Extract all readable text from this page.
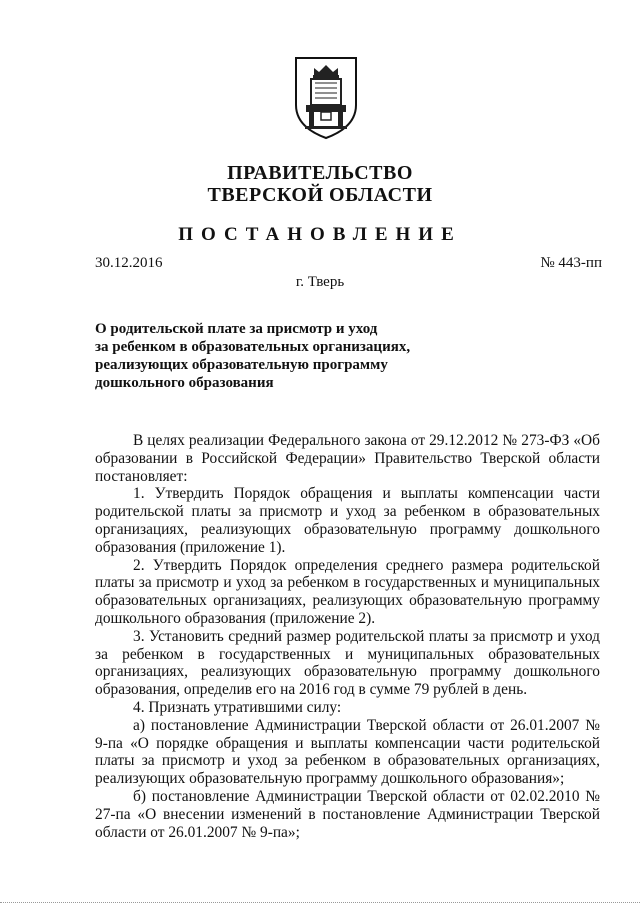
ПРАВИТЕЛЬСТВО

ТВЕРСКОЙ ОБЛАСТИ

ПОСТАНОВЛЕНИЕ

30.12.2016	№ 443-пп
г. Тверь
О родительской плате за присмотр и уход
за ребенком в образовательных организациях,
реализующих образовательную программу
дошкольного образования

В целях реализации Федерального закона от 29.12.2012 № 273-ФЗ «Об образовании в Российской Федерации» Правительство Тверской области постановляет:

1. Утвердить Порядок обращения и выплаты компенсации части родительской платы за присмотр и уход за ребенком в образовательных организациях, реализующих образовательную программу дошкольного образования (приложение 1).

2. Утвердить Порядок определения среднего размера родительской платы за присмотр и уход за ребенком в государственных и муниципальных образовательных организациях, реализующих образовательную программу дошкольного образования (приложение 2).

3. Установить средний размер родительской платы за присмотр и уход за ребенком в государственных и муниципальных образовательных организациях, реализующих образовательную программу дошкольного образования, определив его на 2016 год в сумме 79 рублей в день.

4. Признать утратившими силу:

а) постановление Администрации Тверской области от 26.01.2007 № 9-па «О порядке обращения и выплаты компенсации части родительской платы за присмотр и уход за ребенком в образовательных организациях, реализующих образовательную программу дошкольного образования»;

б) постановление Администрации Тверской области от 02.02.2010 № 27-па «О внесении изменений в постановление Администрации Тверской области от 26.01.2007 № 9-па»;
